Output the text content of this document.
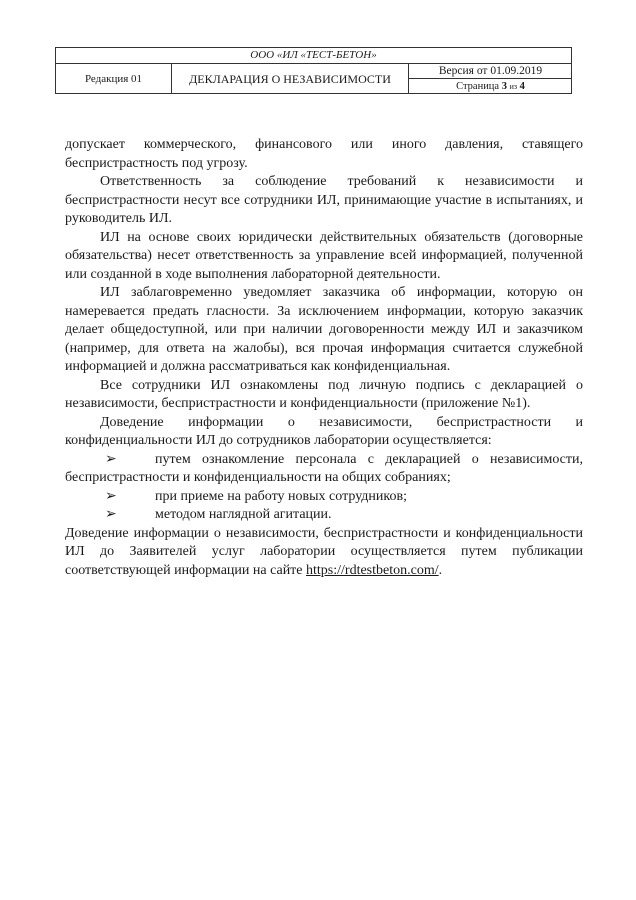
ООО «ИЛ «ТЕСТ-БЕТОН»
Редакция 01	ДЕКЛАРАЦИЯ О НЕЗАВИСИМОСТИ
Версия от 01.09.2019
Страница 3 из 4

допускает коммерческого, финансового или иного давления, ставящего беспристрастность под угрозу.

Ответственность за соблюдение требований к независимости и беспристрастности несут все сотрудники ИЛ, принимающие участие в испытаниях, и руководитель ИЛ.

ИЛ на основе своих юридически действительных обязательств (договорные обязательства) несет ответственность за управление всей информацией, полученной или созданной в ходе выполнения лабораторной деятельности.

ИЛ заблаговременно уведомляет заказчика об информации, которую он намеревается предать гласности. За исключением информации, которую заказчик делает общедоступной, или при наличии договоренности между ИЛ и заказчиком (например, для ответа на жалобы), вся прочая информация считается служебной информацией и должна рассматриваться как конфиденциальная.

Все сотрудники ИЛ ознакомлены под личную подпись с декларацией о независимости, беспристрастности и конфиденциальности (приложение №1).

Доведение информации о независимости, беспристрастности и конфиденциальности ИЛ до сотрудников лаборатории осуществляется:

➢	путем ознакомление персонала с декларацией о независимости, беспристрастности и конфиденциальности на общих собраниях;

➢	при приеме на работу новых сотрудников;

➢	методом наглядной агитации.

Доведение информации о независимости, беспристрастности и конфиденциальности ИЛ до Заявителей услуг лаборатории осуществляется путем публикации соответствующей информации на сайте https://rdtestbeton.com/.
